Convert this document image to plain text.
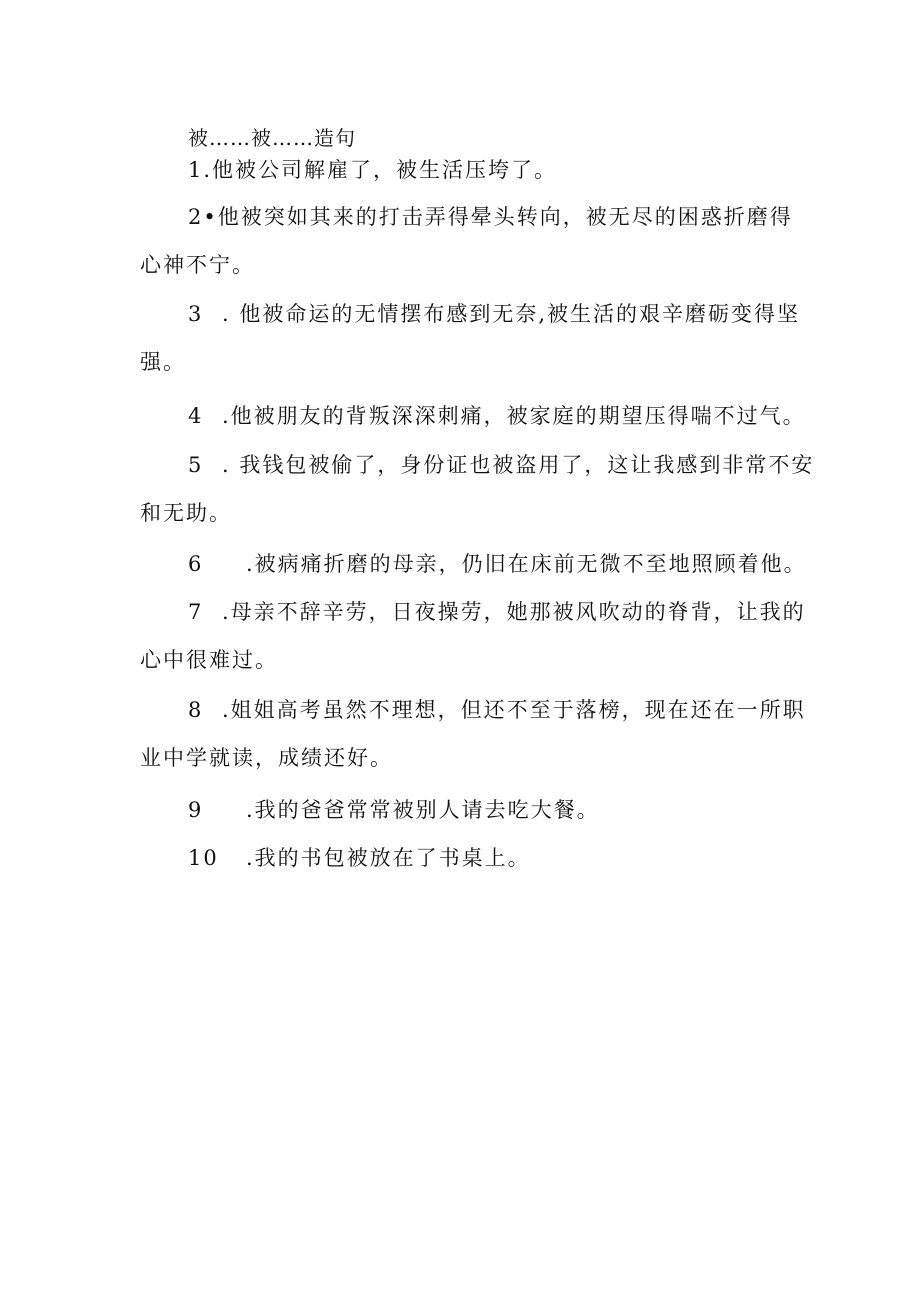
被……被……造句
1.他被公司解雇了，被生活压垮了。
2•他被突如其来的打击弄得晕头转向，被无尽的困惑折磨得
心神不宁。
3 . 他被命运的无情摆布感到无奈,被生活的艰辛磨砺变得坚
强。
4 .他被朋友的背叛深深刺痛，被家庭的期望压得喘不过气。
5 . 我钱包被偷了，身份证也被盗用了，这让我感到非常不安
和无助。
6 .被病痛折磨的母亲，仍旧在床前无微不至地照顾着他。
7 .母亲不辞辛劳，日夜操劳，她那被风吹动的脊背，让我的
心中很难过。
8 .姐姐高考虽然不理想，但还不至于落榜，现在还在一所职
业中学就读，成绩还好。
9 .我的爸爸常常被别人请去吃大餐。
10 .我的书包被放在了书桌上。
